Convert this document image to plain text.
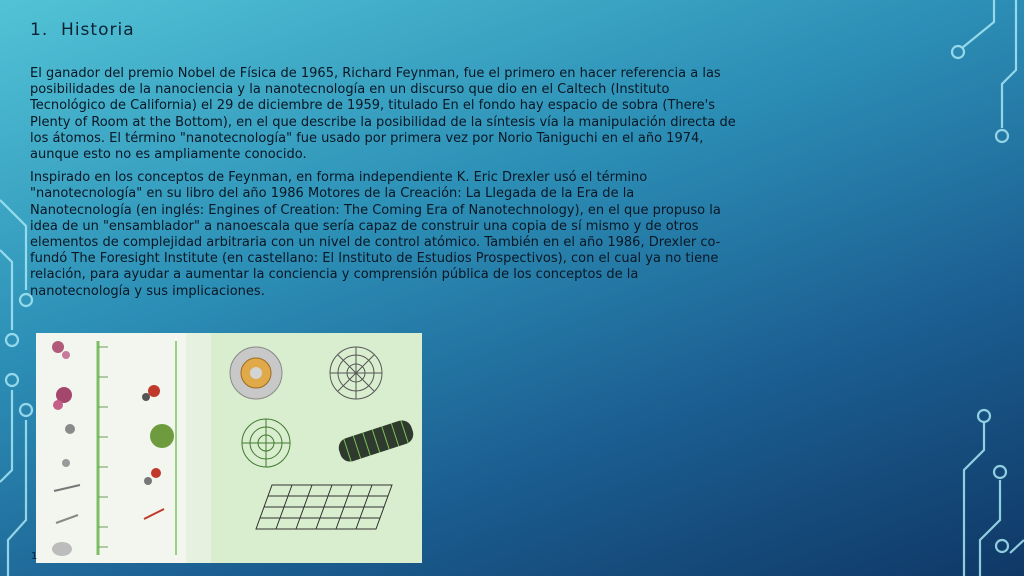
1. Historia

El ganador del premio Nobel de Física de 1965, Richard Feynman, fue el primero en hacer referencia a las posibilidades de la nanociencia y la nanotecnología en un discurso que dio en el Caltech (Instituto Tecnológico de California) el 29 de diciembre de 1959, titulado En el fondo hay espacio de sobra (There's Plenty of Room at the Bottom), en el que describe la posibilidad de la síntesis vía la manipulación directa de los átomos. El término "nanotecnología" fue usado por primera vez por Norio Taniguchi en el año 1974, aunque esto no es ampliamente conocido.

Inspirado en los conceptos de Feynman, en forma independiente K. Eric Drexler usó el término "nanotecnología" en su libro del año 1986 Motores de la Creación: La Llegada de la Era de la Nanotecnología (en inglés: Engines of Creation: The Coming Era of Nanotechnology), en el que propuso la idea de un "ensamblador" a nanoescala que sería capaz de construir una copia de sí mismo y de otros elementos de complejidad arbitraria con un nivel de control atómico. También en el año 1986, Drexler co-fundó The Foresight Institute (en castellano: El Instituto de Estudios Prospectivos), con el cual ya no tiene relación, para ayudar a aumentar la conciencia y comprensión pública de los conceptos de la nanotecnología y sus implicaciones.

1
